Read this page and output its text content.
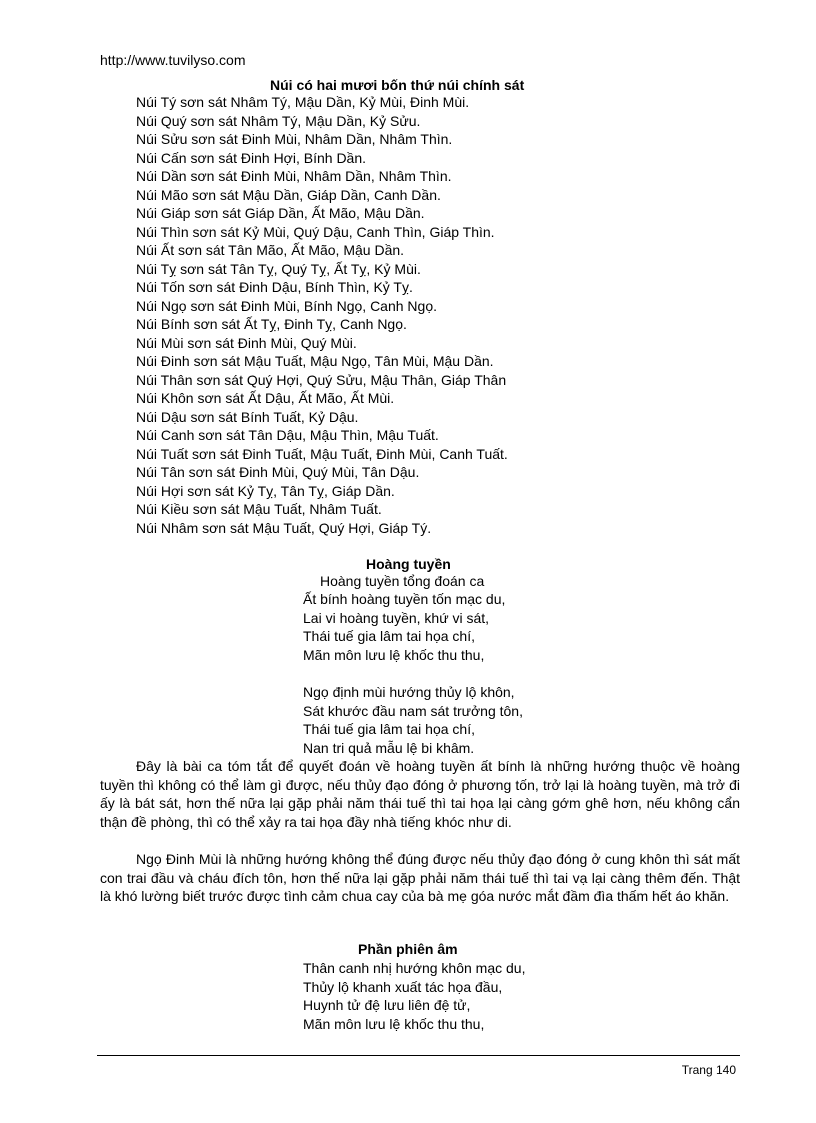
http://www.tuvilyso.com
Núi có hai mươi bốn thứ núi chính sát
Núi Tý sơn sát Nhâm Tý, Mậu Dần, Kỷ Mùi, Đinh Mùi.
Núi Quý sơn sát Nhâm Tý, Mậu Dần, Kỷ Sửu.
Núi Sửu sơn sát Đinh Mùi, Nhâm Dần, Nhâm Thìn.
Núi Cấn sơn sát Đinh Hợi, Bính Dần.
Núi Dần sơn sát Đinh Mùi, Nhâm Dần, Nhâm Thìn.
Núi Mão sơn sát Mậu Dần, Giáp Dần, Canh Dần.
Núi Giáp sơn sát Giáp Dần, Ất Mão, Mậu Dần.
Núi Thìn sơn sát Kỷ Mùi, Quý Dậu, Canh Thìn, Giáp Thìn.
Núi Ất sơn sát Tân Mão, Ất Mão, Mậu Dần.
Núi Tỵ sơn sát Tân Tỵ, Quý Tỵ, Ất Tỵ, Kỷ Mùi.
Núi Tốn sơn sát Đinh Dậu, Bính Thìn, Kỷ Tỵ.
Núi Ngọ sơn sát Đinh Mùi, Bính Ngọ, Canh Ngọ.
Núi Bính sơn sát Ất Tỵ, Đinh Tỵ, Canh Ngọ.
Núi Mùi sơn sát Đinh Mùi, Quý Mùi.
Núi Đinh sơn sát Mậu Tuất, Mậu Ngọ, Tân Mùi, Mậu Dần.
Núi Thân sơn sát Quý Hợi, Quý Sửu, Mậu Thân, Giáp Thân
Núi Khôn sơn sát Ất Dậu, Ất Mão, Ất Mùi.
Núi Dậu sơn sát Bính Tuất, Kỷ Dậu.
Núi Canh sơn sát Tân Dậu, Mậu Thìn, Mậu Tuất.
Núi Tuất sơn sát Đinh Tuất, Mậu Tuất, Đinh Mùi, Canh Tuất.
Núi Tân sơn sát Đinh Mùi, Quý Mùi, Tân Dậu.
Núi Hợi sơn sát Kỷ Tỵ, Tân Tỵ, Giáp Dần.
Núi Kiều sơn sát Mậu Tuất, Nhâm Tuất.
Núi Nhâm sơn sát Mậu Tuất, Quý Hợi, Giáp Tý.
Hoàng tuyền
Hoàng tuyền tổng đoán ca
Ất bính hoàng tuyền tốn mạc du,
Lai vi hoàng tuyền, khứ vi sát,
Thái tuế gia lâm tai họa chí,
Mãn môn lưu lệ khốc thu thu,
Ngọ định mùi hướng thủy lộ khôn,
Sát khước đầu nam sát trưởng tôn,
Thái tuế gia lâm tai họa chí,
Nan tri quả mẫu lệ bi khâm.

Đây là bài ca tóm tắt để quyết đoán về hoàng tuyền ất bính là những hướng thuộc về hoàng tuyền thì không có thể làm gì được, nếu thủy đạo đóng ở phương tốn, trở lại là hoàng tuyền, mà trở đi ấy là bát sát, hơn thế nữa lại gặp phải năm thái tuế thì tai họa lại càng gớm ghê hơn, nếu không cẩn thận đề phòng, thì có thể xảy ra tai họa đầy nhà tiếng khóc như di.

Ngọ Đinh Mùi là những hướng không thể đúng được nếu thủy đạo đóng ở cung khôn thì sát mất con trai đầu và cháu đích tôn, hơn thế nữa lại gặp phải năm thái tuế thì tai vạ lại càng thêm đến. Thật là khó lường biết trước được tình cảm chua cay của bà mẹ góa nước mắt đầm đìa thấm hết áo khăn.

Phần phiên âm
Thân canh nhị hướng khôn mạc du,
Thủy lộ khanh xuất tác họa đầu,
Huynh tử đệ lưu liên đệ tử,
Mãn môn lưu lệ khốc thu thu,
Trang 140
